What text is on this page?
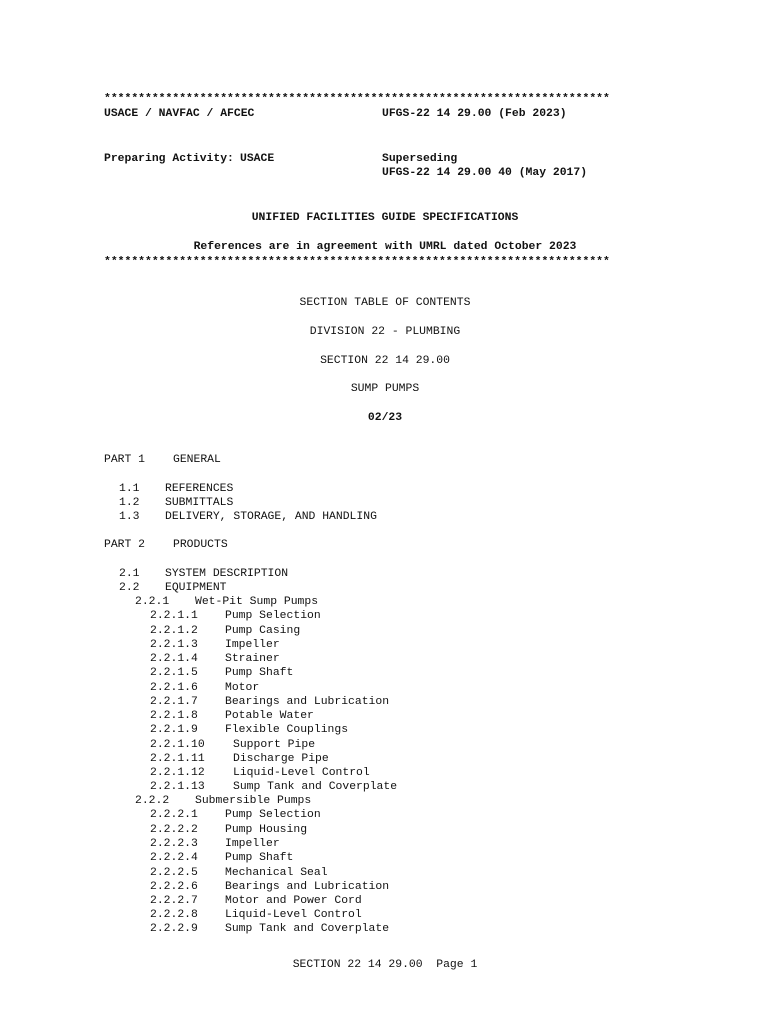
**************************************************************************
USACE / NAVFAC / AFCEC	UFGS-22 14 29.00 (Feb 2023)
Preparing Activity: USACE	Superseding
UFGS-22 14 29.00 40 (May 2017)
UNIFIED FACILITIES GUIDE SPECIFICATIONS
References are in agreement with UMRL dated October 2023
**************************************************************************
SECTION TABLE OF CONTENTS
DIVISION 22 - PLUMBING
SECTION 22 14 29.00
SUMP PUMPS
02/23
PART 1 GENERAL
1.1 REFERENCES
1.2 SUBMITTALS
1.3 DELIVERY, STORAGE, AND HANDLING
PART 2 PRODUCTS
2.1 SYSTEM DESCRIPTION
2.2 EQUIPMENT
2.2.1 Wet-Pit Sump Pumps
2.2.1.1 Pump Selection
2.2.1.2 Pump Casing
2.2.1.3 Impeller
2.2.1.4 Strainer
2.2.1.5 Pump Shaft
2.2.1.6 Motor
2.2.1.7 Bearings and Lubrication
2.2.1.8 Potable Water
2.2.1.9 Flexible Couplings
2.2.1.10 Support Pipe
2.2.1.11 Discharge Pipe
2.2.1.12 Liquid-Level Control
2.2.1.13 Sump Tank and Coverplate
2.2.2 Submersible Pumps
2.2.2.1 Pump Selection
2.2.2.2 Pump Housing
2.2.2.3 Impeller
2.2.2.4 Pump Shaft
2.2.2.5 Mechanical Seal
2.2.2.6 Bearings and Lubrication
2.2.2.7 Motor and Power Cord
2.2.2.8 Liquid-Level Control
2.2.2.9 Sump Tank and Coverplate
SECTION 22 14 29.00  Page 1
